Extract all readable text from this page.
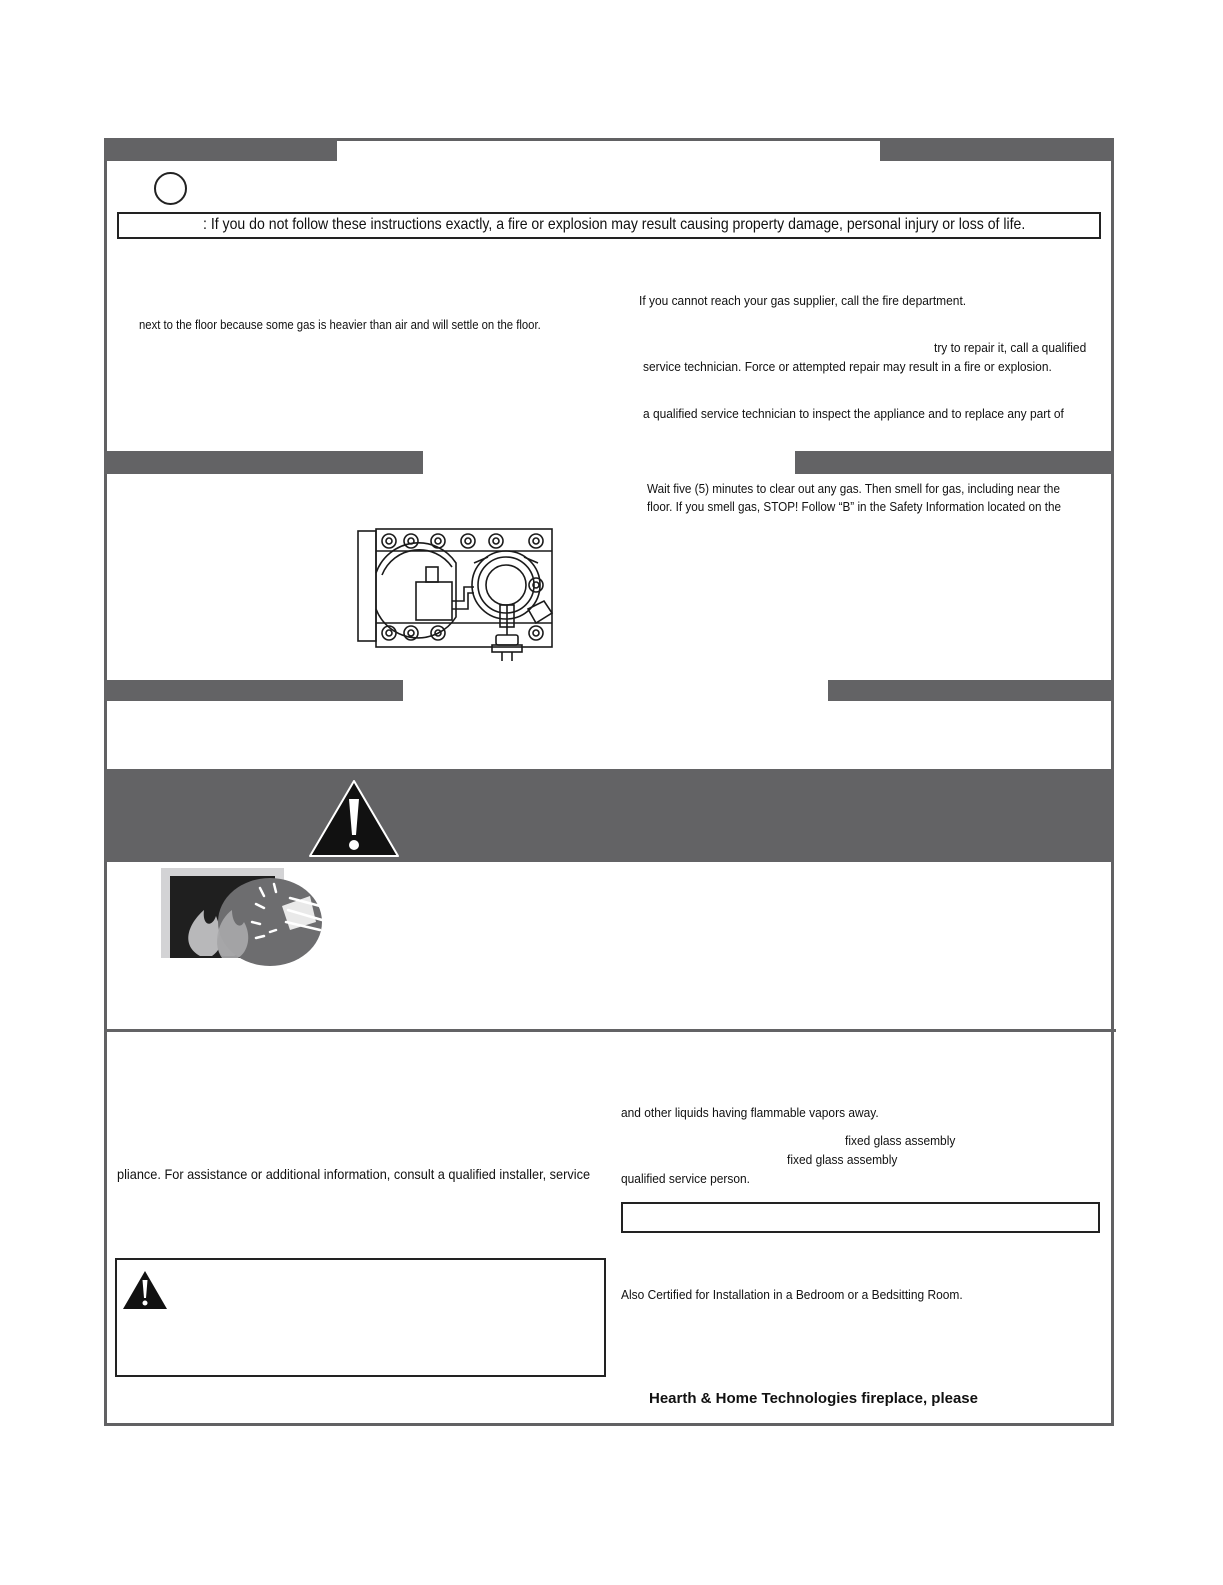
: If you do not follow these instructions exactly, a fire or explosion may result causing property damage, personal injury or loss of life.
next to the floor because some gas is heavier than air and will settle on the floor.
If you cannot reach your gas supplier, call the fire department.
try to repair it, call a qualified
service technician. Force or attempted repair may result in a fire or explosion.
a qualified service technician to inspect the appliance and to replace any part of
Wait five (5) minutes to clear out any gas. Then smell for gas, including near the
floor. If you smell gas, STOP! Follow “B” in the Safety Information located on the
pliance. For assistance or additional information, consult a qualified installer, service
and other liquids having flammable vapors away.
fixed glass assembly
fixed glass assembly
qualified service person.
Also Certified for Installation in a Bedroom or a Bedsitting Room.
Hearth & Home Technologies fireplace, please
